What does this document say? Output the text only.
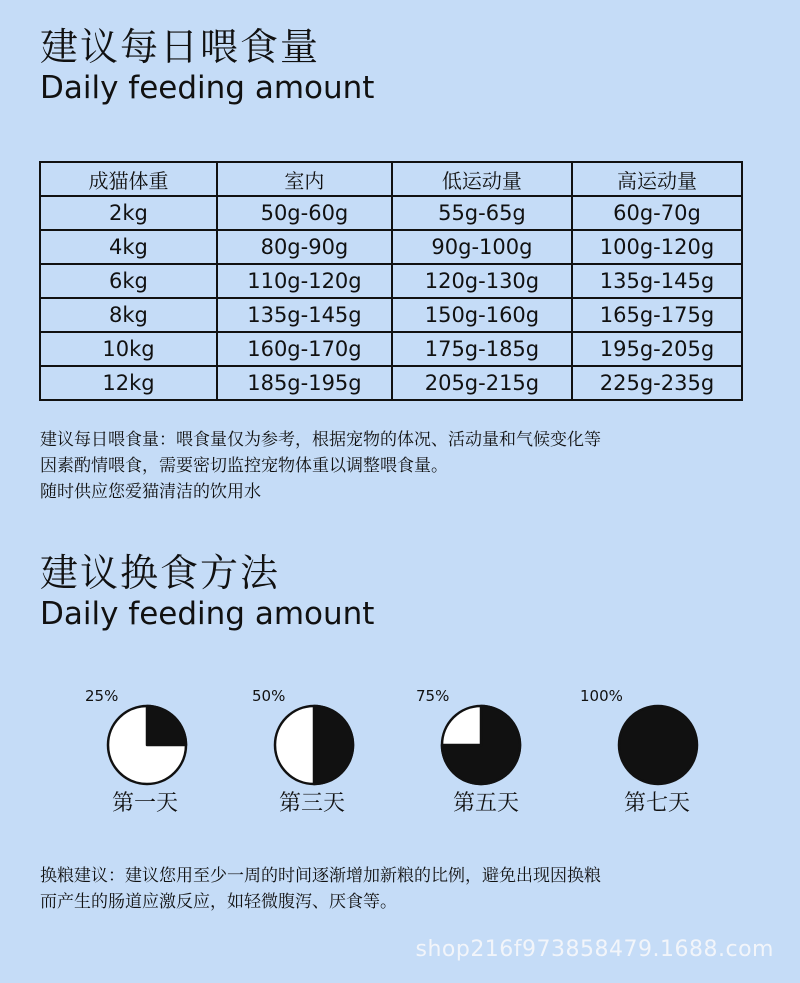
建议每日喂食量
Daily feeding amount
成猫体重	室内	低运动量	高运动量
2kg	50g-60g	55g-65g	60g-70g
4kg	80g-90g	90g-100g	100g-120g
6kg	110g-120g	120g-130g	135g-145g
8kg	135g-145g	150g-160g	165g-175g
10kg	160g-170g	175g-185g	195g-205g
12kg	185g-195g	205g-215g	225g-235g

建议每日喂食量：喂食量仅为参考，根据宠物的体况、活动量和气候变化等

因素酌情喂食，需要密切监控宠物体重以调整喂食量。

随时供应您爱猫清洁的饮用水

建议换食方法
Daily feeding amount
25%
第一天
50%
第三天
75%
第五天
100%
第七天

换粮建议：建议您用至少一周的时间逐渐增加新粮的比例，避免出现因换粮

而产生的肠道应激反应，如轻微腹泻、厌食等。

shop216f973858479.1688.com
